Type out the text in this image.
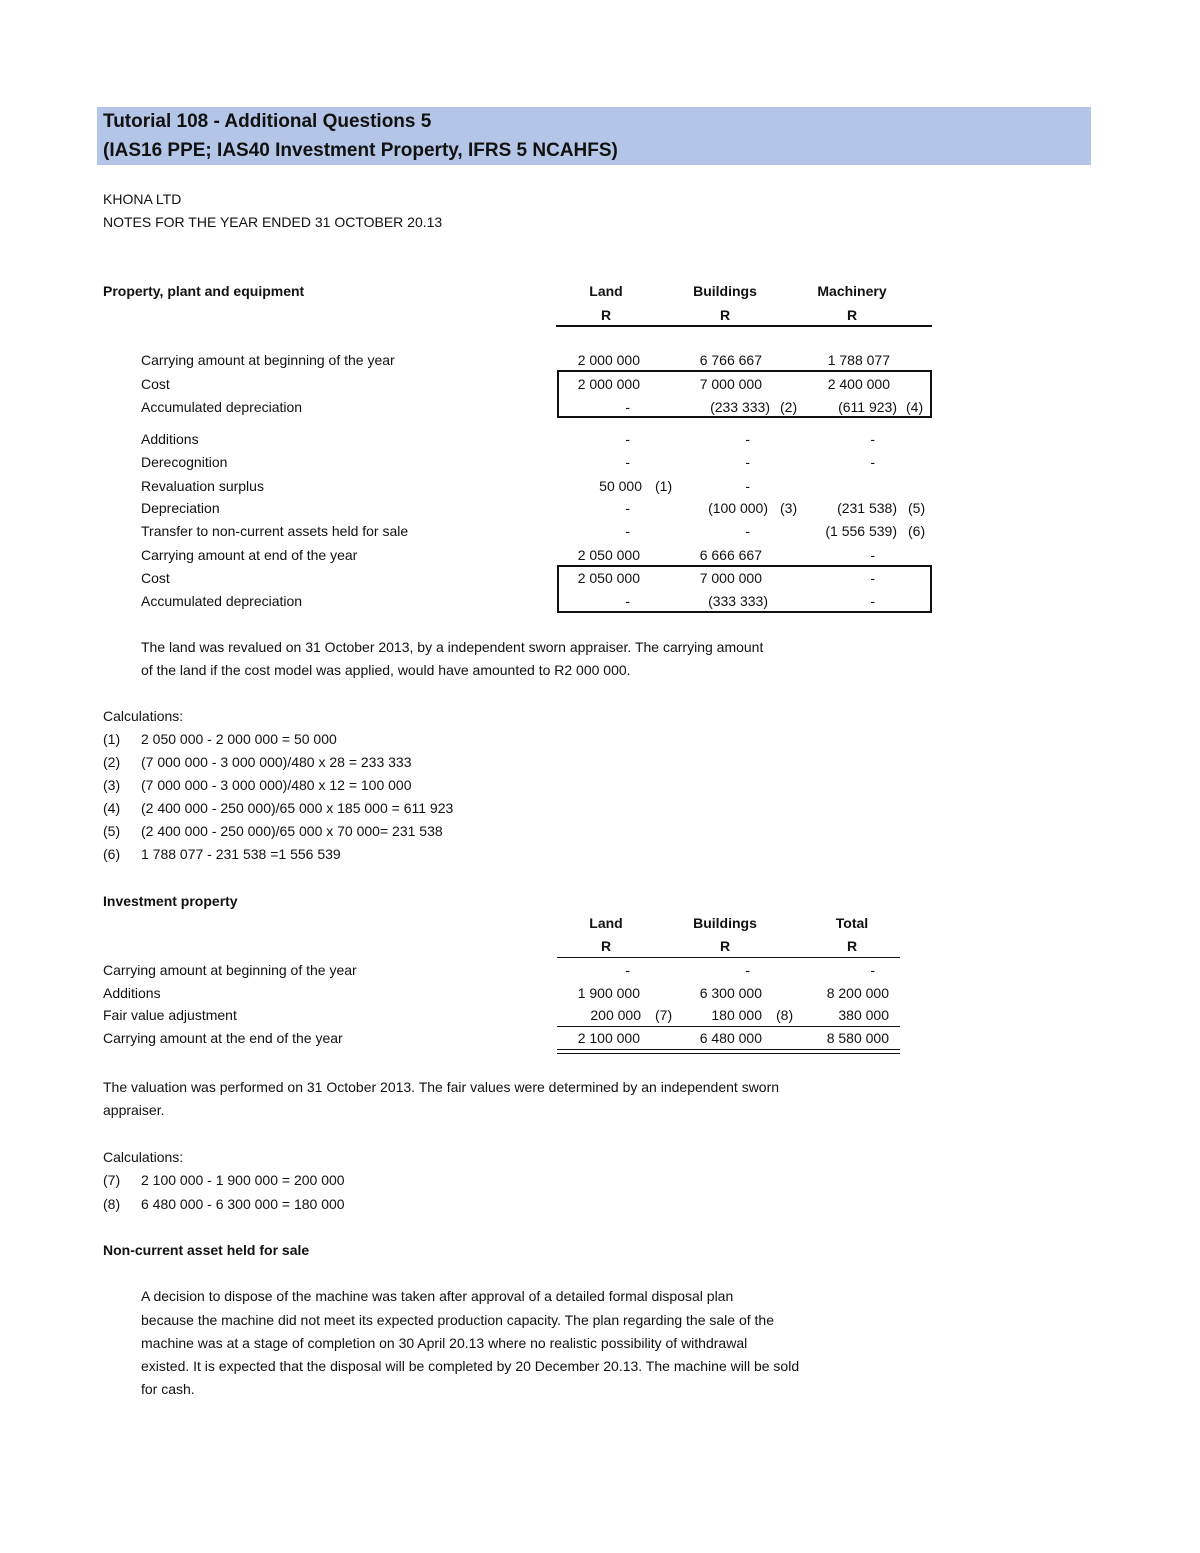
Tutorial 108 - Additional Questions 5
(IAS16 PPE; IAS40 Investment Property, IFRS 5 NCAHFS)
KHONA LTD
NOTES FOR THE YEAR ENDED 31 OCTOBER 20.13
Property, plant and equipment	Land	Buildings	Machinery
R	R	R
Carrying amount at beginning of the year	2 000 000	6 766 667	1 788 077
Cost	2 000 000	7 000 000	2 400 000
Accumulated depreciation	-	(233 333) (2)	(611 923) (4)
Additions	-	-	-
Derecognition	-	-	-
Revaluation surplus	50 000 (1)	-
Depreciation	-	(100 000) (3)	(231 538) (5)
Transfer to non-current assets held for sale	-	-	(1 556 539) (6)
Carrying amount at end of the year	2 050 000	6 666 667	-
Cost	2 050 000	7 000 000	-
Accumulated depreciation	-	(333 333)	-
The land was revalued on 31 October 2013, by a independent sworn appraiser. The carrying amount
of the land if the cost model was applied, would have amounted to R2 000 000.
Calculations:
(1) 2 050 000 - 2 000 000 = 50 000
(2) (7 000 000 - 3 000 000)/480 x 28 = 233 333
(3) (7 000 000 - 3 000 000)/480 x 12 = 100 000
(4) (2 400 000 - 250 000)/65 000 x 185 000 = 611 923
(5) (2 400 000 - 250 000)/65 000 x 70 000= 231 538
(6) 1 788 077 - 231 538 =1 556 539
Investment property
Land	Buildings	Total
R	R	R
Carrying amount at beginning of the year	-	-	-
Additions	1 900 000	6 300 000	8 200 000
Fair value adjustment	200 000 (7)	180 000 (8)	380 000
Carrying amount at the end of the year	2 100 000	6 480 000	8 580 000
The valuation was performed on 31 October 2013. The fair values were determined by an independent sworn
appraiser.
Calculations:
(7) 2 100 000 - 1 900 000 = 200 000
(8) 6 480 000 - 6 300 000 = 180 000
Non-current asset held for sale
A decision to dispose of the machine was taken after approval of a detailed formal disposal plan
because the machine did not meet its expected production capacity. The plan regarding the sale of the
machine was at a stage of completion on 30 April 20.13 where no realistic possibility of withdrawal
existed. It is expected that the disposal will be completed by 20 December 20.13. The machine will be sold
for cash.
